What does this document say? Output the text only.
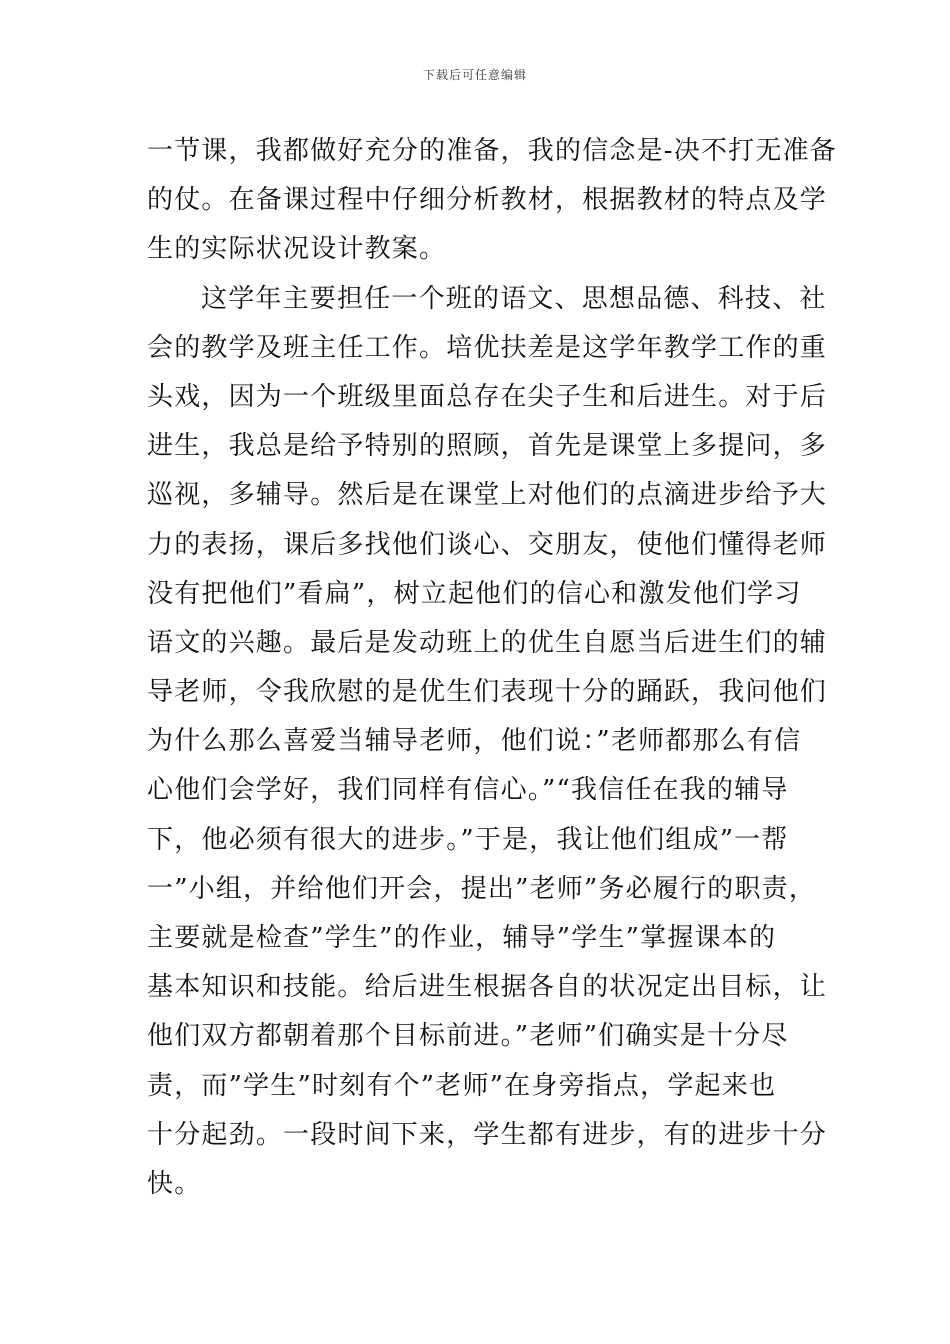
下载后可任意编辑
一节课，我都做好充分的准备，我的信念是-决不打无准备
的仗。在备课过程中仔细分析教材，根据教材的特点及学
生的实际状况设计教案。
这学年主要担任一个班的语文、思想品德、科技、社
会的教学及班主任工作。培优扶差是这学年教学工作的重
头戏，因为一个班级里面总存在尖子生和后进生。对于后
进生，我总是给予特别的照顾，首先是课堂上多提问，多
巡视，多辅导。然后是在课堂上对他们的点滴进步给予大
力的表扬，课后多找他们谈心、交朋友，使他们懂得老师
没有把他们”看扁”，树立起他们的信心和激发他们学习
语文的兴趣。最后是发动班上的优生自愿当后进生们的辅
导老师，令我欣慰的是优生们表现十分的踊跃，我问他们
为什么那么喜爱当辅导老师，他们说：”老师都那么有信
心他们会学好，我们同样有信心。”“我信任在我的辅导
下，他必须有很大的进步。”于是，我让他们组成”一帮
一”小组，并给他们开会，提出”老师”务必履行的职责，
主要就是检查”学生”的作业，辅导”学生”掌握课本的
基本知识和技能。给后进生根据各自的状况定出目标，让
他们双方都朝着那个目标前进。”老师”们确实是十分尽
责，而”学生”时刻有个”老师”在身旁指点，学起来也
十分起劲。一段时间下来，学生都有进步，有的进步十分
快。
